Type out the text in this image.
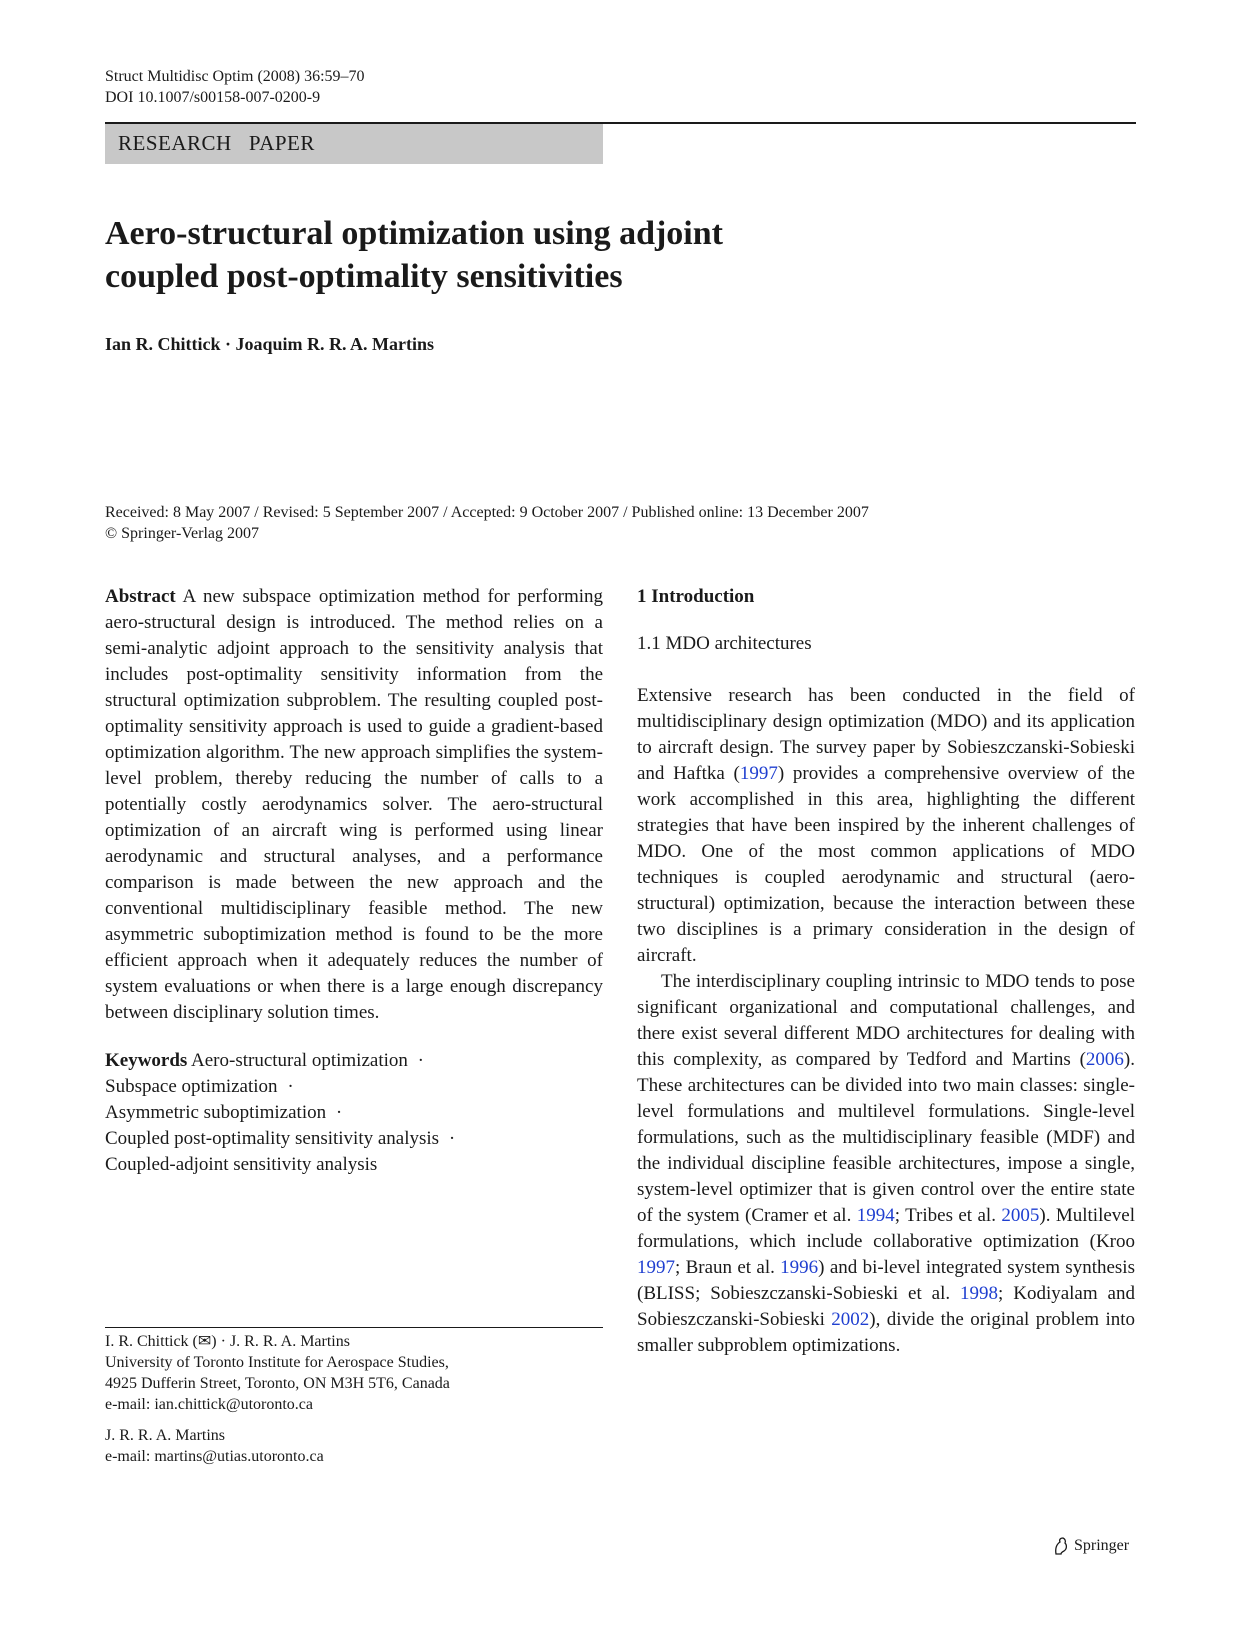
Struct Multidisc Optim (2008) 36:59–70
DOI 10.1007/s00158-007-0200-9
RESEARCH   PAPER
Aero-structural optimization using adjoint
coupled post-optimality sensitivities
Ian R. Chittick · Joaquim R. R. A. Martins
Received: 8 May 2007 / Revised: 5 September 2007 / Accepted: 9 October 2007 / Published online: 13 December 2007
© Springer-Verlag 2007

Abstract A new subspace optimization method for performing aero-structural design is introduced. The method relies on a semi-analytic adjoint approach to the sensitivity analysis that includes post-optimality sensitivity information from the structural optimization subproblem. The resulting coupled post-optimality sensitivity approach is used to guide a gradient-based optimization algorithm. The new approach simplifies the system-level problem, thereby reducing the number of calls to a potentially costly aerodynamics solver. The aero-structural optimization of an aircraft wing is performed using linear aerodynamic and structural analyses, and a performance comparison is made between the new approach and the conventional multidisciplinary feasible method. The new asymmetric suboptimization method is found to be the more efficient approach when it adequately reduces the number of system evaluations or when there is a large enough discrepancy between disciplinary solution times.

Keywords Aero-structural optimization ·
Subspace optimization ·
Asymmetric suboptimization ·
Coupled post-optimality sensitivity analysis ·
Coupled-adjoint sensitivity analysis

I. R. Chittick (✉) · J. R. R. A. Martins
University of Toronto Institute for Aerospace Studies,
4925 Dufferin Street, Toronto, ON M3H 5T6, Canada
e-mail: ian.chittick@utoronto.ca

J. R. R. A. Martins
e-mail: martins@utias.utoronto.ca

1 Introduction
1.1 MDO architectures

Extensive research has been conducted in the field of multidisciplinary design optimization (MDO) and its application to aircraft design. The survey paper by Sobieszczanski-Sobieski and Haftka (1997) provides a comprehensive overview of the work accomplished in this area, highlighting the different strategies that have been inspired by the inherent challenges of MDO. One of the most common applications of MDO techniques is coupled aerodynamic and structural (aero-structural) optimization, because the interaction between these two disciplines is a primary consideration in the design of aircraft.

The interdisciplinary coupling intrinsic to MDO tends to pose significant organizational and computational challenges, and there exist several different MDO architectures for dealing with this complexity, as compared by Tedford and Martins (2006). These architectures can be divided into two main classes: single-level formulations and multilevel formulations. Single-level formulations, such as the multidisciplinary feasible (MDF) and the individual discipline feasible architectures, impose a single, system-level optimizer that is given control over the entire state of the system (Cramer et al. 1994; Tribes et al. 2005). Multilevel formulations, which include collaborative optimization (Kroo 1997; Braun et al. 1996) and bi-level integrated system synthesis (BLISS; Sobieszczanski-Sobieski et al. 1998; Kodiyalam and Sobieszczanski-Sobieski 2002), divide the original problem into smaller subproblem optimizations.

Springer
